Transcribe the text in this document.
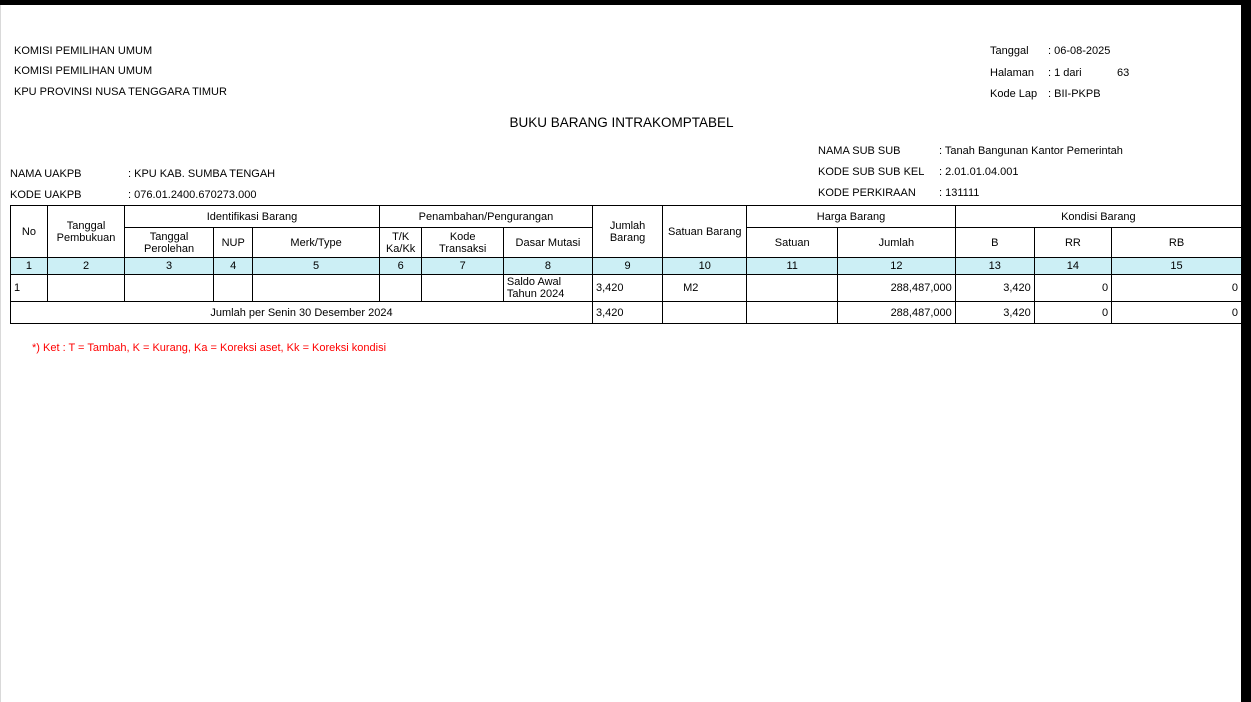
KOMISI PEMILIHAN UMUM
KOMISI PEMILIHAN UMUM
KPU PROVINSI NUSA TENGGARA TIMUR
Tanggal : 06-08-2025
Halaman : 1 dari	63
Kode Lap : BII-PKPB
BUKU BARANG INTRAKOMPTABEL
NAMA SUB SUB	: Tanah Bangunan Kantor Pemerintah
KODE SUB SUB KEL : 2.01.01.04.001
KODE PERKIRAAN : 131111
NAMA UAKPB	: KPU KAB. SUMBA TENGAH
KODE UAKPB	: 076.01.2400.670273.000
No	Tanggal Pembukuan	Identifikasi Barang			Penambahan/Pengurangan			Jumlah Barang	Satuan Barang	Harga Barang		Kondisi Barang		
		Tanggal Perolehan	NUP	Merk/Type	T/K Ka/Kk	Kode Transaksi	Dasar Mutasi			Satuan	Jumlah	B	RR	RB
1	2	3	4	5	6	7	8	9	10	11	12	13	14	15
1							Saldo Awal Tahun 2024	3,420	M2		288,487,000	3,420	0	0
Jumlah per Senin 30 Desember 2024								3,420			288,487,000	3,420	0	0
*) Ket : T = Tambah, K = Kurang, Ka = Koreksi aset, Kk = Koreksi kondisi
